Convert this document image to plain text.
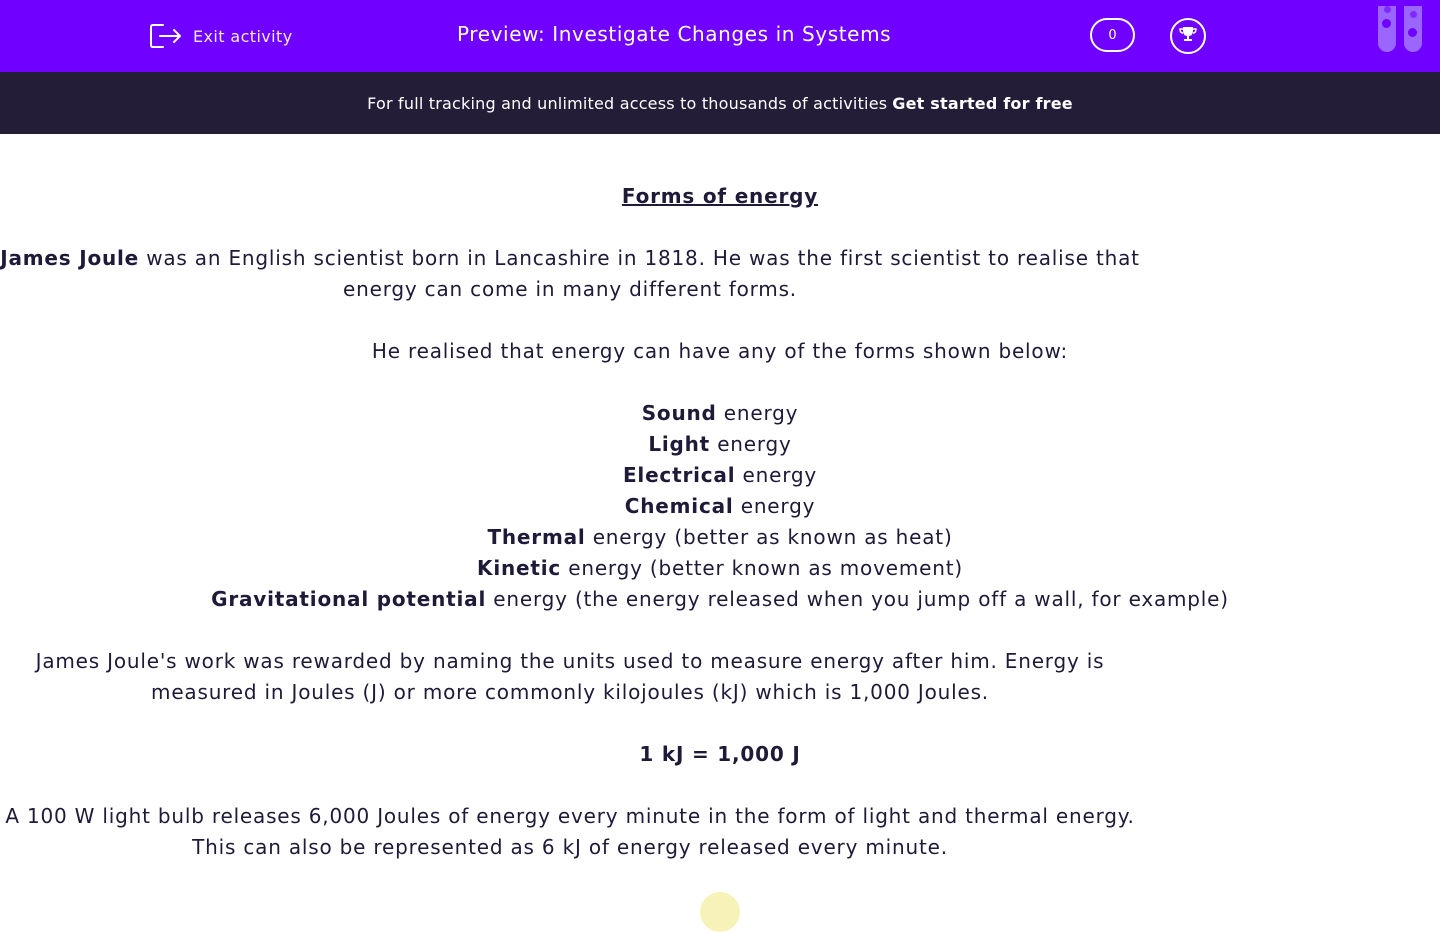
Exit activity	Preview: Investigate Changes in Systems	0
For full tracking and unlimited access to thousands of activities Get started for free

Forms of energy

James Joule was an English scientist born in Lancashire in 1818. He was the first scientist to realise that energy can come in many different forms.

He realised that energy can have any of the forms shown below:

Sound energy
Light energy
Electrical energy
Chemical energy
Thermal energy (better as known as heat)
Kinetic energy (better known as movement)
Gravitational potential energy (the energy released when you jump off a wall, for example)

James Joule's work was rewarded by naming the units used to measure energy after him. Energy is measured in Joules (J) or more commonly kilojoules (kJ) which is 1,000 Joules.

1 kJ = 1,000 J

A 100 W light bulb releases 6,000 Joules of energy every minute in the form of light and thermal energy. This can also be represented as 6 kJ of energy released every minute.
